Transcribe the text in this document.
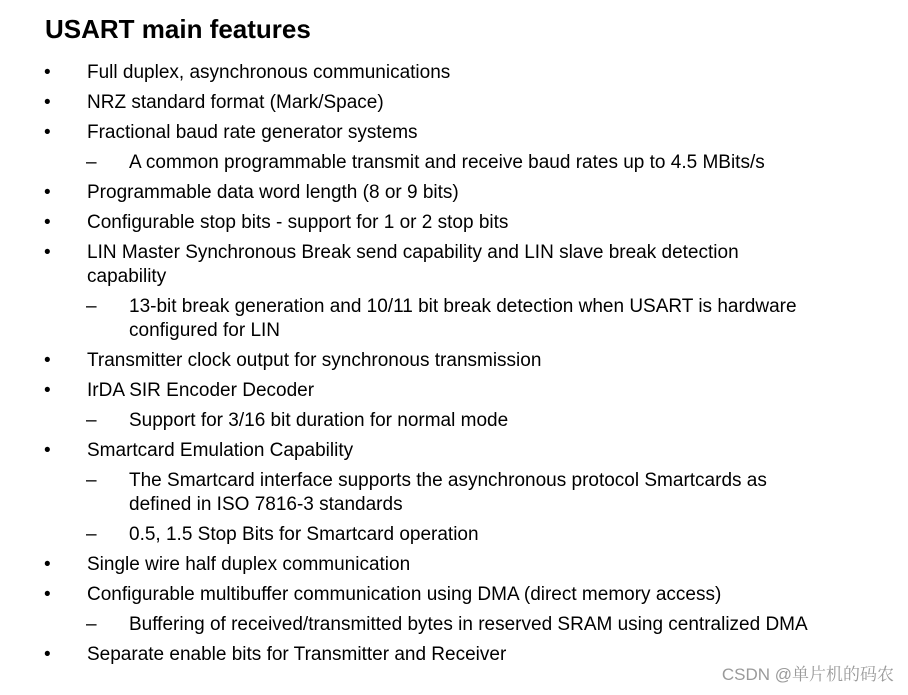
USART main features
• Full duplex, asynchronous communications
• NRZ standard format (Mark/Space)
• Fractional baud rate generator systems
– A common programmable transmit and receive baud rates up to 4.5 MBits/s
• Programmable data word length (8 or 9 bits)
• Configurable stop bits - support for 1 or 2 stop bits
• LIN Master Synchronous Break send capability and LIN slave break detection capability
– 13-bit break generation and 10/11 bit break detection when USART is hardware configured for LIN
• Transmitter clock output for synchronous transmission
• IrDA SIR Encoder Decoder
– Support for 3/16 bit duration for normal mode
• Smartcard Emulation Capability
– The Smartcard interface supports the asynchronous protocol Smartcards as defined in ISO 7816-3 standards
– 0.5, 1.5 Stop Bits for Smartcard operation
• Single wire half duplex communication
• Configurable multibuffer communication using DMA (direct memory access)
– Buffering of received/transmitted bytes in reserved SRAM using centralized DMA
• Separate enable bits for Transmitter and Receiver
CSDN @单片机的码农
